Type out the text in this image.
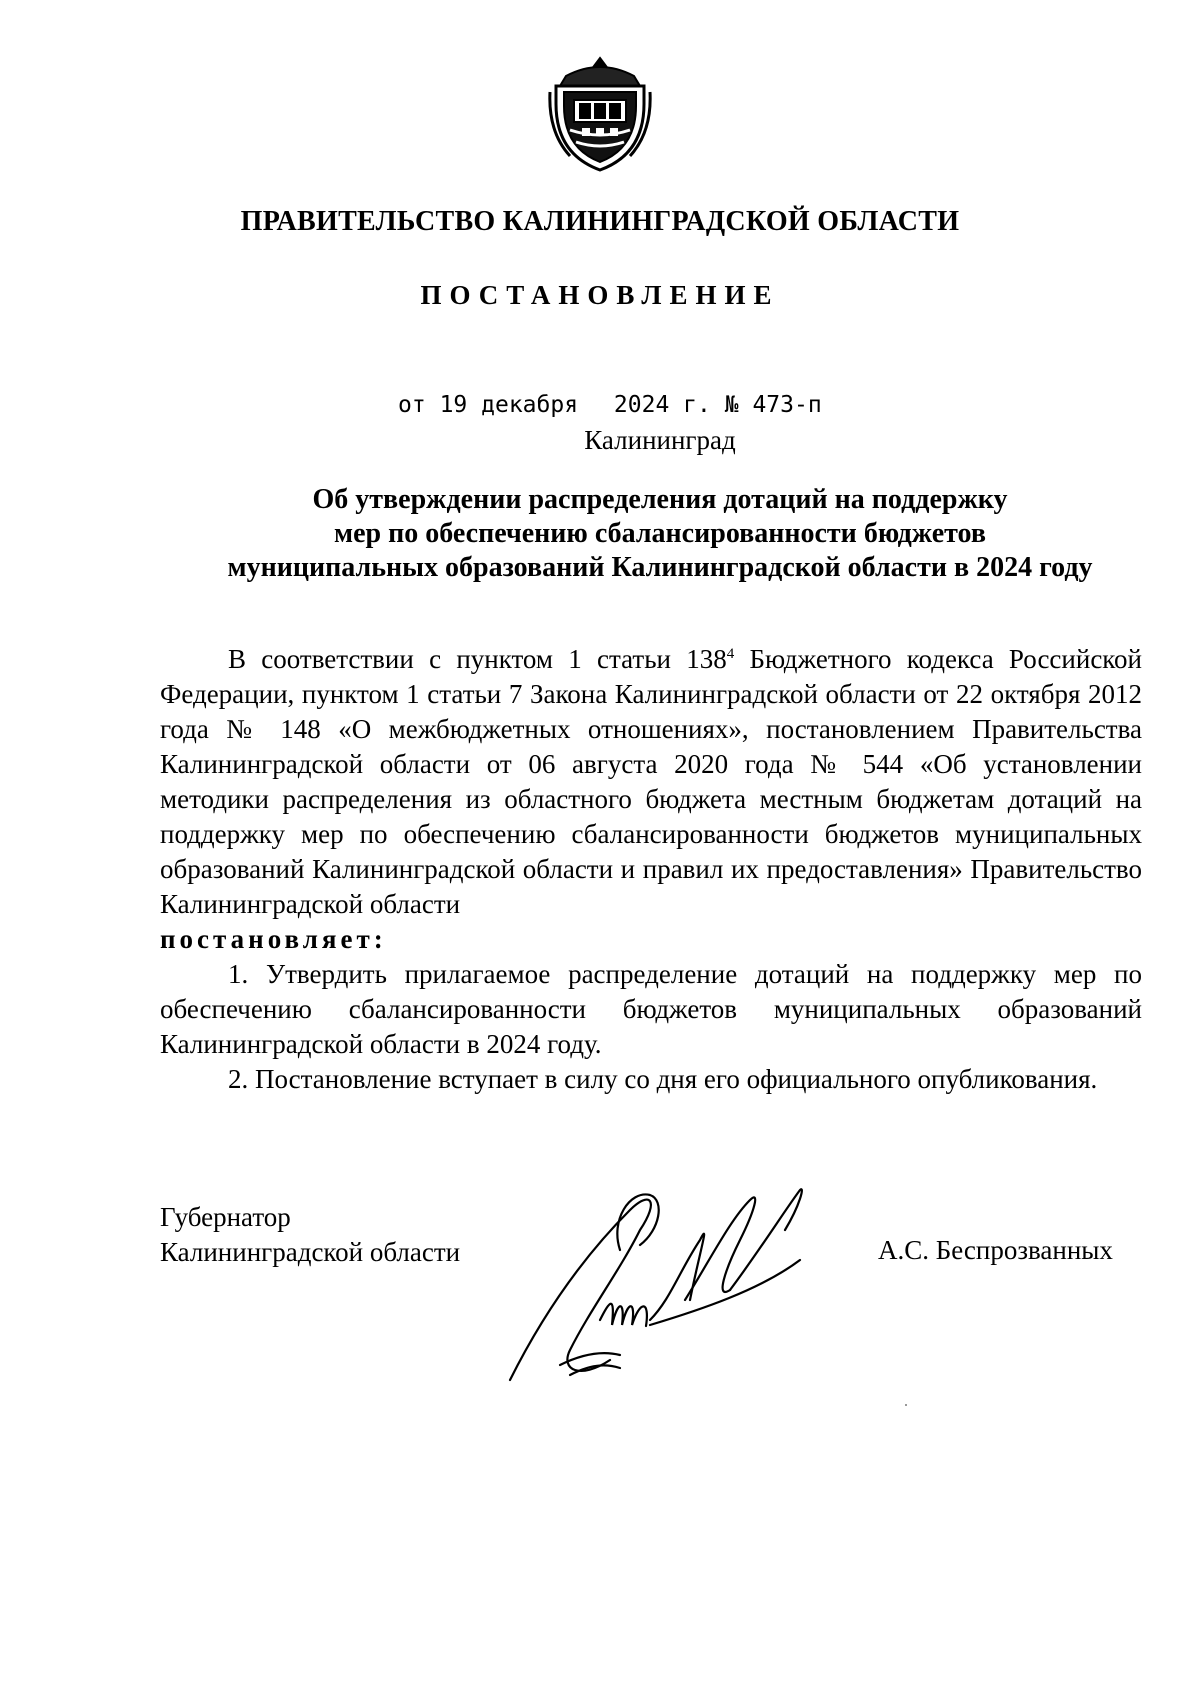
ПРАВИТЕЛЬСТВО КАЛИНИНГРАДСКОЙ ОБЛАСТИ
ПОСТАНОВЛЕНИЕ
от 19 декабря 2024 г. № 473-п
Калининград
Об утверждении распределения дотаций на поддержку
мер по обеспечению сбалансированности бюджетов
муниципальных образований Калининградской области в 2024 году

В соответствии с пунктом 1 статьи $138^4$ Бюджетного кодекса Российской Федерации, пунктом 1 статьи 7 Закона Калининградской области от 22 октября 2012 года № 148 «О межбюджетных отношениях», постановлением Правительства Калининградской области от 06 августа 2020 года № 544 «Об установлении методики распределения из областного бюджета местным бюджетам дотаций на поддержку мер по обеспечению сбалансированности бюджетов муниципальных образований Калининградской области и правил их предоставления» Правительство Калининградской области

постановляет:

1. Утвердить прилагаемое распределение дотаций на поддержку мер по обеспечению сбалансированности бюджетов муниципальных образований Калининградской области в 2024 году.

2. Постановление вступает в силу со дня его официального опубликования.

Губернатор
Калининградской области	А.С. Беспрозванных
